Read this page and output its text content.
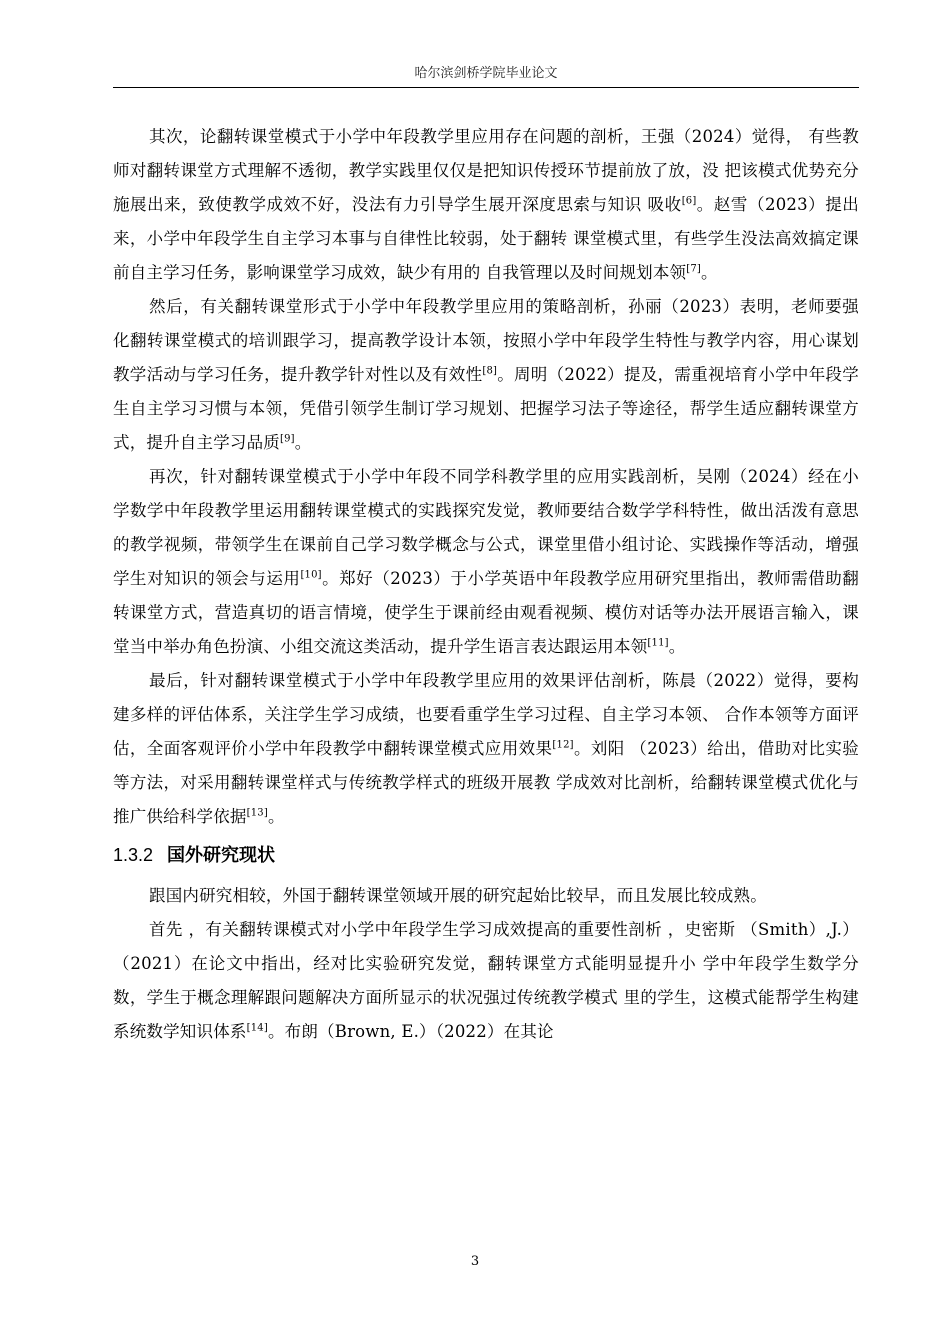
哈尔滨剑桥学院毕业论文

其次，论翻转课堂模式于小学中年段教学里应用存在问题的剖析，王强（2024）觉得， 有些教师对翻转课堂方式理解不透彻，教学实践里仅仅是把知识传授环节提前放了放，没 把该模式优势充分施展出来，致使教学成效不好，没法有力引导学生展开深度思索与知识 吸收[6]。赵雪（2023）提出来，小学中年段学生自主学习本事与自律性比较弱，处于翻转 课堂模式里，有些学生没法高效搞定课前自主学习任务，影响课堂学习成效，缺少有用的 自我管理以及时间规划本领[7]。

然后，有关翻转课堂形式于小学中年段教学里应用的策略剖析，孙丽（2023）表明，老师要强化翻转课堂模式的培训跟学习，提高教学设计本领，按照小学中年段学生特性与教学内容，用心谋划教学活动与学习任务，提升教学针对性以及有效性[8]。周明（2022）提及，需重视培育小学中年段学生自主学习习惯与本领，凭借引领学生制订学习规划、把握学习法子等途径，帮学生适应翻转课堂方式，提升自主学习品质[9]。

再次，针对翻转课堂模式于小学中年段不同学科教学里的应用实践剖析，吴刚（2024）经在小学数学中年段教学里运用翻转课堂模式的实践探究发觉，教师要结合数学学科特性，做出活泼有意思的教学视频，带领学生在课前自己学习数学概念与公式，课堂里借小组讨论、实践操作等活动，增强学生对知识的领会与运用[10]。郑好（2023）于小学英语中年段教学应用研究里指出，教师需借助翻转课堂方式，营造真切的语言情境，使学生于课前经由观看视频、模仿对话等办法开展语言输入，课堂当中举办角色扮演、小组交流这类活动，提升学生语言表达跟运用本领[11]。

最后，针对翻转课堂模式于小学中年段教学里应用的效果评估剖析，陈晨（2022）觉得，要构建多样的评估体系，关注学生学习成绩，也要看重学生学习过程、自主学习本领、 合作本领等方面评估，全面客观评价小学中年段教学中翻转课堂模式应用效果[12]。刘阳 （2023）给出，借助对比实验等方法，对采用翻转课堂样式与传统教学样式的班级开展教 学成效对比剖析，给翻转课堂模式优化与推广供给科学依据[13]。

1.3.2 国外研究现状

跟国内研究相较，外国于翻转课堂领域开展的研究起始比较早，而且发展比较成熟。

首先 ，有关翻转课模式对小学中年段学生学习成效提高的重要性剖析 ，史密斯 （Smith）,J.）（2021）在论文中指出，经对比实验研究发觉，翻转课堂方式能明显提升小 学中年段学生数学分数，学生于概念理解跟问题解决方面所显示的状况强过传统教学模式 里的学生，这模式能帮学生构建系统数学知识体系[14]。布朗（Brown, E.）（2022）在其论

3
